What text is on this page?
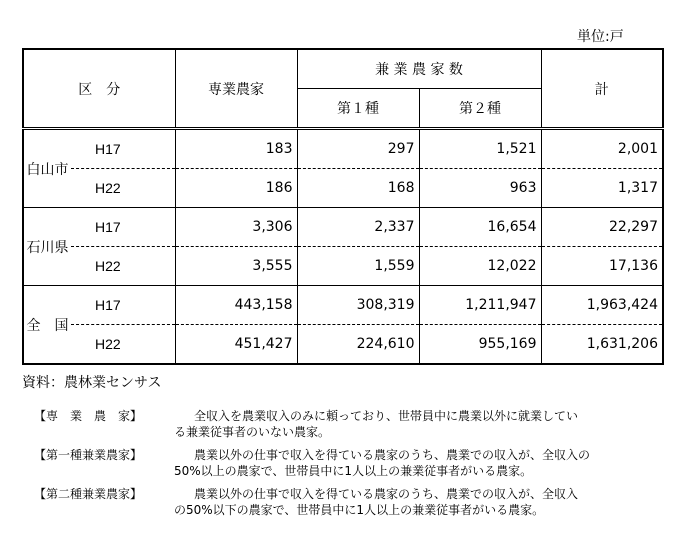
単位:戸
区　分		専業農家	兼 業 農 家 数		計
			第１種	第２種	
白山市	H17	183	297	1,521	2,001
	H22	186	168	963	1,317
石川県	H17	3,306	2,337	16,654	22,297
	H22	3,555	1,559	12,022	17,136
全　国	H17	443,158	308,319	1,211,947	1,963,424
	H22	451,427	224,610	955,169	1,631,206
資料：農林業センサス
【専　業　農　家】	全収入を農業収入のみに頼っており、世帯員中に農業以外に就業してい
る兼業従事者のいない農家。
【第一種兼業農家】	農業以外の仕事で収入を得ている農家のうち、農業での収入が、全収入の
50%以上の農家で、世帯員中に1人以上の兼業従事者がいる農家。
【第二種兼業農家】	農業以外の仕事で収入を得ている農家のうち、農業での収入が、全収入
の50%以下の農家で、世帯員中に1人以上の兼業従事者がいる農家。
